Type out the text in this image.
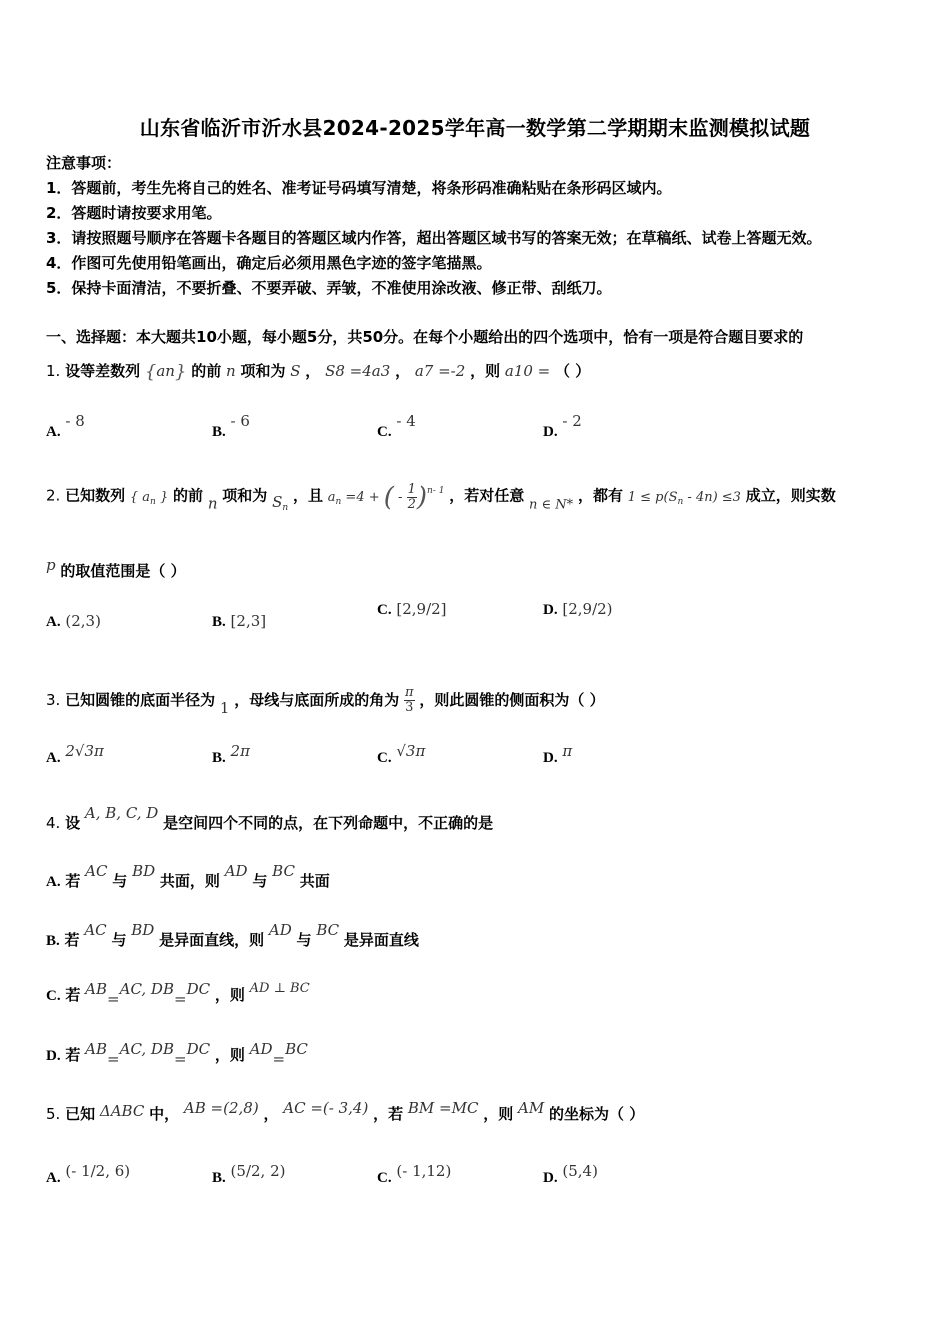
山东省临沂市沂水县2024-2025学年高一数学第二学期期末监测模拟试题
注意事项：
1．答题前，考生先将自己的姓名、准考证号码填写清楚，将条形码准确粘贴在条形码区域内。
2．答题时请按要求用笔。
3．请按照题号顺序在答题卡各题目的答题区域内作答，超出答题区域书写的答案无效；在草稿纸、试卷上答题无效。
4．作图可先使用铅笔画出，确定后必须用黑色字迹的签字笔描黑。
5．保持卡面清洁，不要折叠、不要弄破、弄皱，不准使用涂改液、修正带、刮纸刀。
一、选择题：本大题共10小题，每小题5分，共50分。在每个小题给出的四个选项中，恰有一项是符合题目要求的
1. 设等差数列 {an} 的前 n 项和为 S ， S8 =4a3 ， a7 =-2 ，则 a10 = （ ）
A. - 8
B. - 6
C. - 4
D. - 2
2. 已知数列 { $a_n$ } 的前 n 项和为 $S_n$ ，且 $a_n =4$ + ( - $\frac{1}{2} )^{n- 1}$ ，若对任意 n ∈ N* ，都有 $1 \le p(S_n - 4n) \le 3$ 成立，则实数
p 的取值范围是（ ）
A. (2,3)	B. [2,3]
C. [2,9/2]	D. [2,9/2)
3. 已知圆锥的底面半径为 1 ，母线与底面所成的角为 $\frac{\pi}{3}$ ，则此圆锥的侧面积为（ ）
A. 2√3π	B. 2π	C. √3π	D. π
4. 设 A, B, C, D 是空间四个不同的点，在下列命题中，不正确的是
A. 若 AC 与 BD 共面，则 AD 与 BC 共面
B. 若 AC 与 BD 是异面直线，则 AD 与 BC 是异面直线
C. 若 AB=AC, DB=DC ，则 AD ⊥ BC
D. 若 AB=AC, DB=DC ，则 AD=BC
5. 已知 ΔABC 中， AB =(2,8) ， AC =(- 3,4) ，若 BM =MC ，则 AM 的坐标为（ ）
A. (- 1/2, 6)	B. (5/2, 2)	C. (- 1,12)	D. (5,4)
